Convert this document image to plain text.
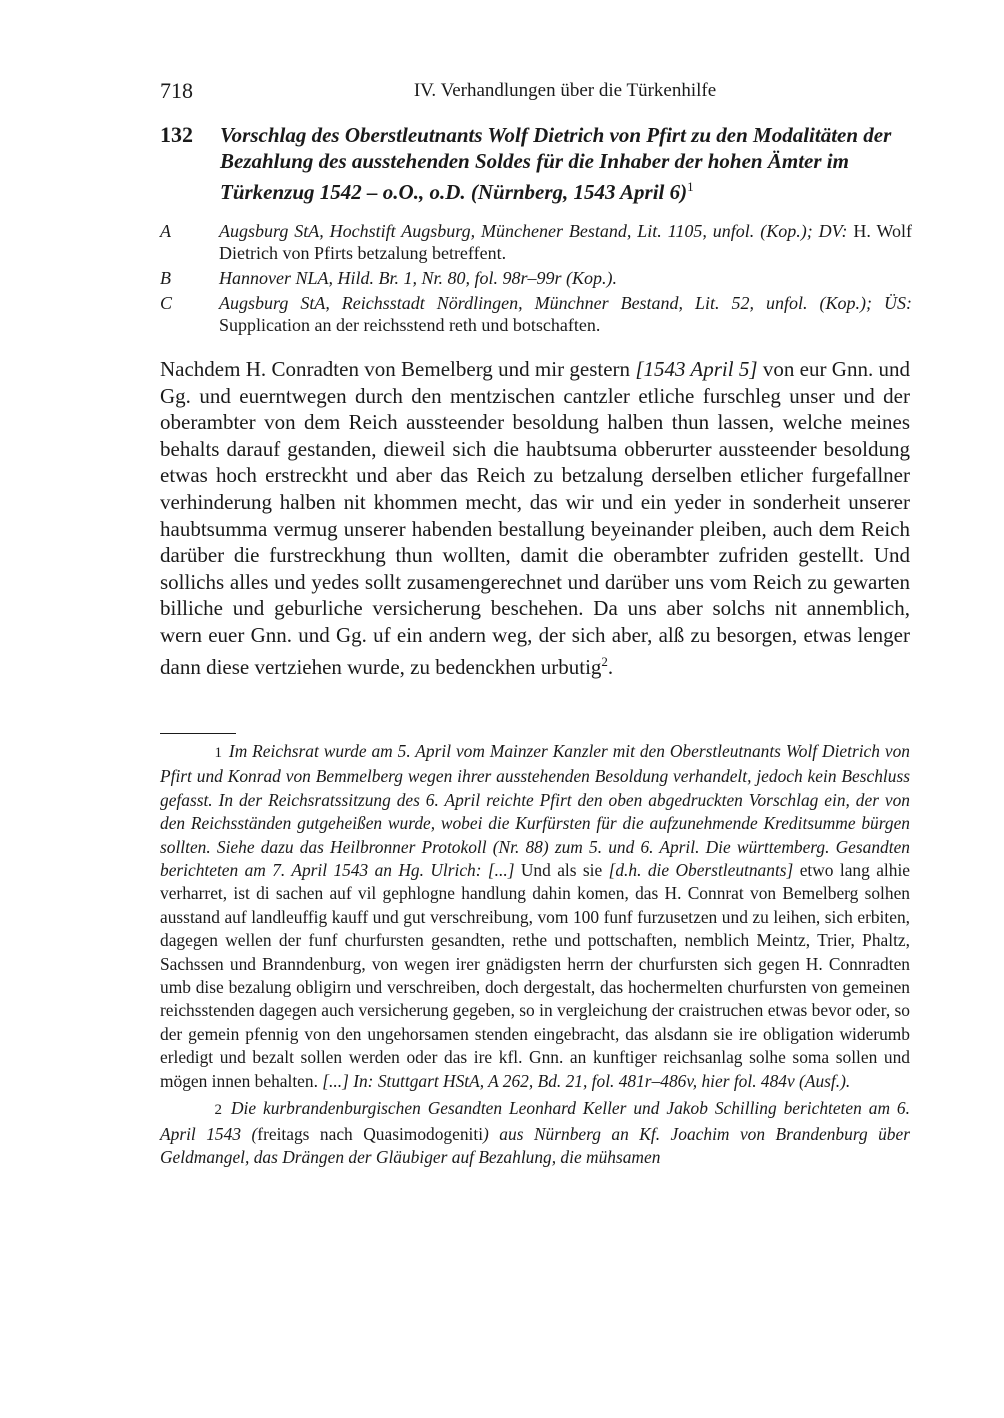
718	IV. Verhandlungen über die Türkenhilfe
132 Vorschlag des Oberstleutnants Wolf Dietrich von Pfirt zu den Modalitäten der Bezahlung des ausstehenden Soldes für die Inhaber der hohen Ämter im Türkenzug 1542 – o.O., o.D. (Nürnberg, 1543 April 6)$^1$
A	Augsburg StA, Hochstift Augsburg, Münchener Bestand, Lit. 1105, unfol. (Kop.); DV: H. Wolf Dietrich von Pfirts betzalung betreffent.
B	Hannover NLA, Hild. Br. 1, Nr. 80, fol. 98r–99r (Kop.).
C	Augsburg StA, Reichsstadt Nördlingen, Münchner Bestand, Lit. 52, unfol. (Kop.); ÜS: Supplication an der reichsstend reth und botschaften.
Nachdem H. Conradten von Bemelberg und mir gestern [1543 April 5] von eur Gnn. und Gg. und euerntwegen durch den mentzischen cantzler etliche furschleg unser und der oberambter von dem Reich aussteender besoldung halben thun lassen, welche meines behalts darauf gestanden, dieweil sich die haubtsuma obberurter aussteender besoldung etwas hoch erstreckht und aber das Reich zu betzalung derselben etlicher furgefallner verhinderung halben nit khommen mecht, das wir und ein yeder in sonderheit unserer haubtsumma vermug unserer habenden bestallung beyeinander pleiben, auch dem Reich darüber die furstreckhung thun wollten, damit die oberambter zufriden gestellt. Und sollichs alles und yedes sollt zusamengerechnet und darüber uns vom Reich zu gewarten billiche und geburliche versicherung beschehen. Da uns aber solchs nit annemblich, wern euer Gnn. und Gg. uf ein andern weg, der sich aber, alß zu besorgen, etwas lenger dann diese vertziehen wurde, zu bedenckhen urbutig$^2$.

1 Im Reichsrat wurde am 5. April vom Mainzer Kanzler mit den Oberstleutnants Wolf Dietrich von Pfirt und Konrad von Bemmelberg wegen ihrer ausstehenden Besoldung verhandelt, jedoch kein Beschluss gefasst. In der Reichsratssitzung des 6. April reichte Pfirt den oben abgedruckten Vorschlag ein, der von den Reichsständen gutgeheißen wurde, wobei die Kurfürsten für die aufzunehmende Kreditsumme bürgen sollten. Siehe dazu das Heilbronner Protokoll (Nr. 88) zum 5. und 6. April. Die württemberg. Gesandten berichteten am 7. April 1543 an Hg. Ulrich: [...] Und als sie [d.h. die Oberstleutnants] etwo lang alhie verharret, ist di sachen auf vil gephlogne handlung dahin komen, das H. Connrat von Bemelberg solhen ausstand auf landleuffig kauff und gut verschreibung, vom 100 funf furzusetzen und zu leihen, sich erbiten, dagegen wellen der funf churfursten gesandten, rethe und pottschaften, nemblich Meintz, Trier, Phaltz, Sachssen und Branndenburg, von wegen irer gnädigsten herrn der churfursten sich gegen H. Connradten umb dise bezalung obligirn und verschreiben, doch dergestalt, das hochermelten churfursten von gemeinen reichsstenden dagegen auch versicherung gegeben, so in vergleichung der craistruchen etwas bevor oder, so der gemein pfennig von den ungehorsamen stenden eingebracht, das alsdann sie ire obligation widerumb erledigt und bezalt sollen werden oder das ire kfl. Gnn. an kunftiger reichsanlag solhe soma sollen und mögen innen behalten. [...] In: Stuttgart HStA, A 262, Bd. 21, fol. 481r–486v, hier fol. 484v (Ausf.).

2 Die kurbrandenburgischen Gesandten Leonhard Keller und Jakob Schilling berichteten am 6. April 1543 (freitags nach Quasimodogeniti) aus Nürnberg an Kf. Joachim von Brandenburg über Geldmangel, das Drängen der Gläubiger auf Bezahlung, die mühsamen
